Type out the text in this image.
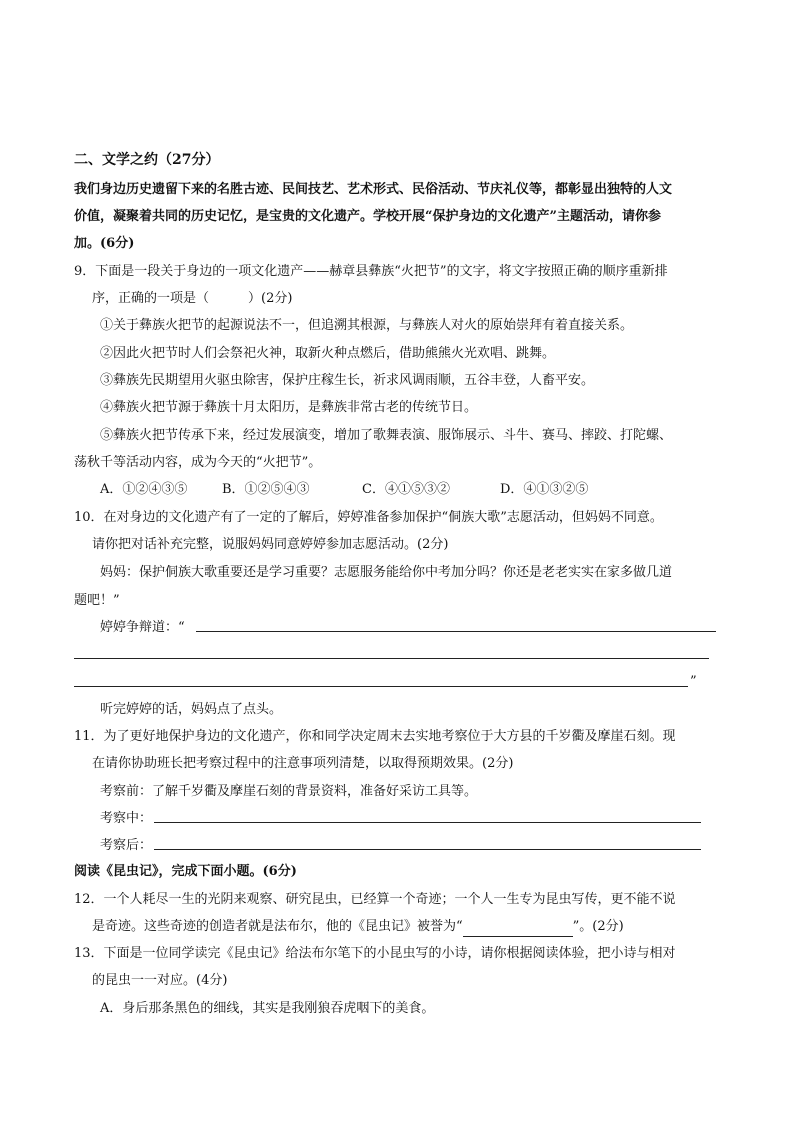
二、文学之约（27分）
我们身边历史遗留下来的名胜古迹、民间技艺、艺术形式、民俗活动、节庆礼仪等，都彰显出独特的人文
价值，凝聚着共同的历史记忆，是宝贵的文化遗产。学校开展“保护身边的文化遗产”主题活动，请你参
加。(6分)
9．下面是一段关于身边的一项文化遗产——赫章县彝族“火把节”的文字，将文字按照正确的顺序重新排
序，正确的一项是（　　　）(2分)
①关于彝族火把节的起源说法不一，但追溯其根源，与彝族人对火的原始崇拜有着直接关系。
②因此火把节时人们会祭祀火神，取新火种点燃后，借助熊熊火光欢唱、跳舞。
③彝族先民期望用火驱虫除害，保护庄稼生长，祈求风调雨顺，五谷丰登，人畜平安。
④彝族火把节源于彝族十月太阳历，是彝族非常古老的传统节日。
⑤彝族火把节传承下来，经过发展演变，增加了歌舞表演、服饰展示、斗牛、赛马、摔跤、打陀螺、
荡秋千等活动内容，成为今天的“火把节”。
A．①②④③⑤	B．①②⑤④③	C．④①⑤③②	D．④①③②⑤
10．在对身边的文化遗产有了一定的了解后，婷婷准备参加保护“侗族大歌”志愿活动，但妈妈不同意。
请你把对话补充完整，说服妈妈同意婷婷参加志愿活动。(2分)
妈妈：保护侗族大歌重要还是学习重要？志愿服务能给你中考加分吗？你还是老老实实在家多做几道
题吧！”
婷婷争辩道：“
”
听完婷婷的话，妈妈点了点头。
11．为了更好地保护身边的文化遗产，你和同学决定周末去实地考察位于大方县的千岁衢及摩崖石刻。现
在请你协助班长把考察过程中的注意事项列清楚，以取得预期效果。(2分)
考察前：了解千岁衢及摩崖石刻的背景资料，准备好采访工具等。
考察中：
考察后：
阅读《昆虫记》，完成下面小题。(6分)
12．一个人耗尽一生的光阴来观察、研究昆虫，已经算一个奇迹；一个人一生专为昆虫写传，更不能不说
是奇迹。这些奇迹的创造者就是法布尔，他的《昆虫记》被誉为“	”。(2分)
13．下面是一位同学读完《昆虫记》给法布尔笔下的小昆虫写的小诗，请你根据阅读体验，把小诗与相对
的昆虫一一对应。(4分)
A．身后那条黑色的细线，其实是我刚狼吞虎咽下的美食。
